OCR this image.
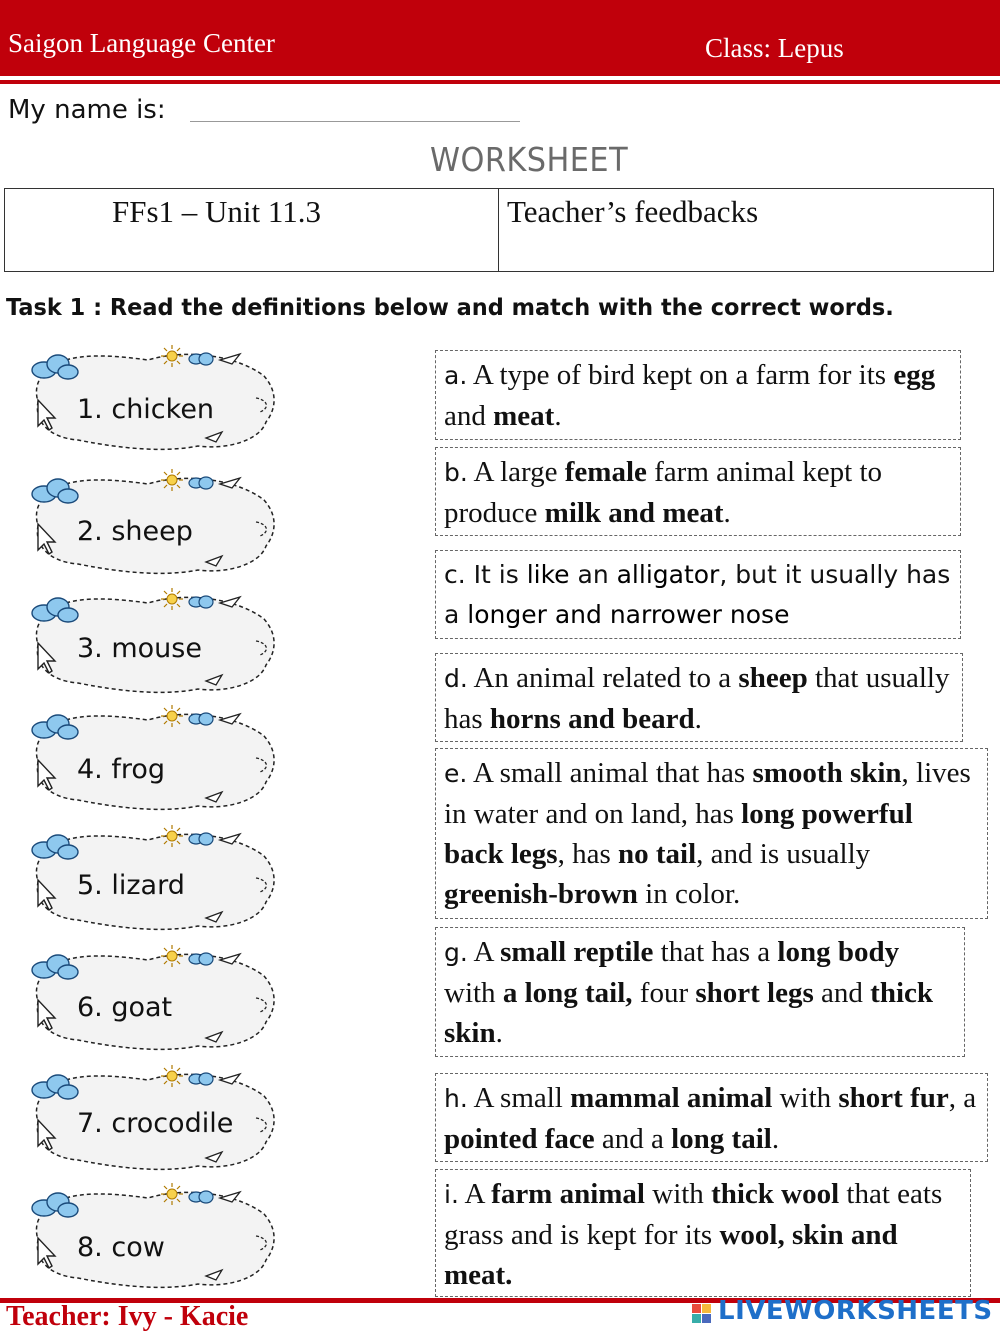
Saigon Language Center	Class: Lepus
My name is:
WORKSHEET
FFs1 – Unit 11.3	Teacher’s feedbacks
Task 1 : Read the definitions below and match with the correct words.
1. chicken
2. sheep
3. mouse
4. frog
5. lizard
6. goat
7. crocodile
8. cow
a. A type of bird kept on a farm for its egg and meat.
b. A large female farm animal kept to produce milk and meat.
c. It is like an alligator, but it usually has a longer and narrower nose
d. An animal related to a sheep that usually has horns and beard.
e. A small animal that has smooth skin, lives in water and on land, has long powerful back legs, has no tail, and is usually greenish-brown in color.
g. A small reptile that has a long body with a long tail, four short legs and thick skin.
h. A small mammal animal with short fur, a pointed face and a long tail.
i. A farm animal with thick wool that eats grass and is kept for its wool, skin and meat.
Teacher: Ivy - Kacie	LIVEWORKSHEETS
